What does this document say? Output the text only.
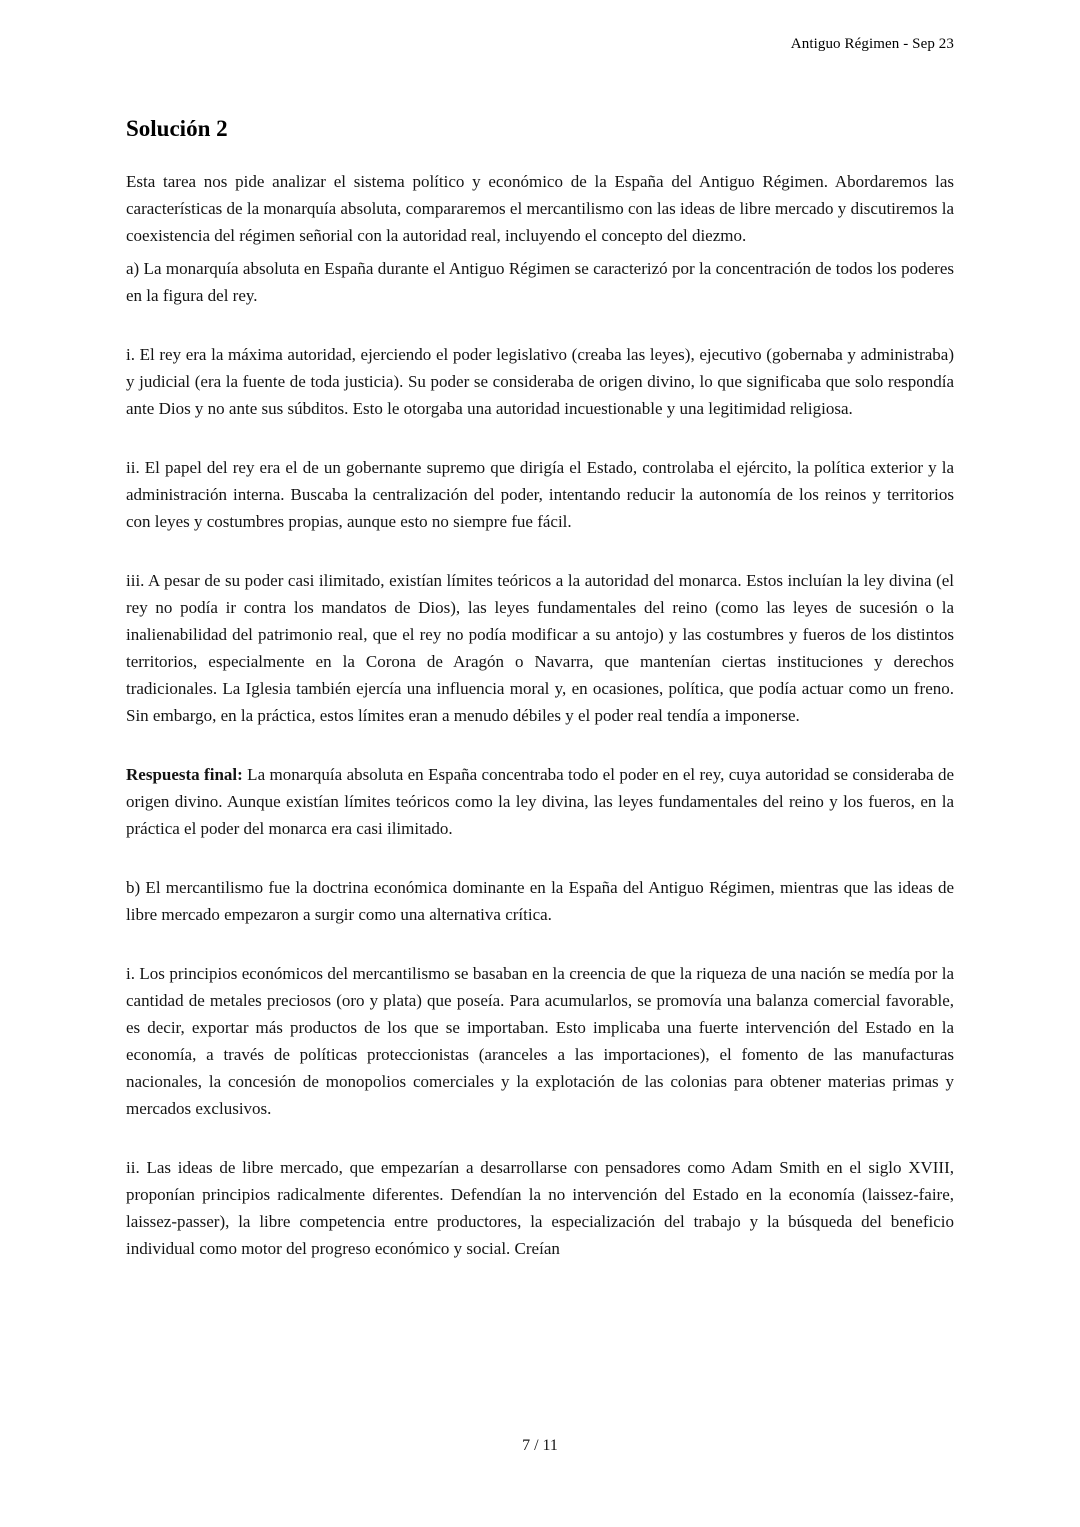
Antiguo Régimen - Sep 23
Solución 2

Esta tarea nos pide analizar el sistema político y económico de la España del Antiguo Régimen. Abordaremos las características de la monarquía absoluta, compararemos el mercantilismo con las ideas de libre mercado y discutiremos la coexistencia del régimen señorial con la autoridad real, incluyendo el concepto del diezmo.

a) La monarquía absoluta en España durante el Antiguo Régimen se caracterizó por la concentración de todos los poderes en la figura del rey.

i. El rey era la máxima autoridad, ejerciendo el poder legislativo (creaba las leyes), ejecutivo (gobernaba y administraba) y judicial (era la fuente de toda justicia). Su poder se consideraba de origen divino, lo que significaba que solo respondía ante Dios y no ante sus súbditos. Esto le otorgaba una autoridad incuestionable y una legitimidad religiosa.

ii. El papel del rey era el de un gobernante supremo que dirigía el Estado, controlaba el ejército, la política exterior y la administración interna. Buscaba la centralización del poder, intentando reducir la autonomía de los reinos y territorios con leyes y costumbres propias, aunque esto no siempre fue fácil.

iii. A pesar de su poder casi ilimitado, existían límites teóricos a la autoridad del monarca. Estos incluían la ley divina (el rey no podía ir contra los mandatos de Dios), las leyes fundamentales del reino (como las leyes de sucesión o la inalienabilidad del patrimonio real, que el rey no podía modificar a su antojo) y las costumbres y fueros de los distintos territorios, especialmente en la Corona de Aragón o Navarra, que mantenían ciertas instituciones y derechos tradicionales. La Iglesia también ejercía una influencia moral y, en ocasiones, política, que podía actuar como un freno. Sin embargo, en la práctica, estos límites eran a menudo débiles y el poder real tendía a imponerse.

Respuesta final: La monarquía absoluta en España concentraba todo el poder en el rey, cuya autoridad se consideraba de origen divino. Aunque existían límites teóricos como la ley divina, las leyes fundamentales del reino y los fueros, en la práctica el poder del monarca era casi ilimitado.

b) El mercantilismo fue la doctrina económica dominante en la España del Antiguo Régimen, mientras que las ideas de libre mercado empezaron a surgir como una alternativa crítica.

i. Los principios económicos del mercantilismo se basaban en la creencia de que la riqueza de una nación se medía por la cantidad de metales preciosos (oro y plata) que poseía. Para acumularlos, se promovía una balanza comercial favorable, es decir, exportar más productos de los que se importaban. Esto implicaba una fuerte intervención del Estado en la economía, a través de políticas proteccionistas (aranceles a las importaciones), el fomento de las manufacturas nacionales, la concesión de monopolios comerciales y la explotación de las colonias para obtener materias primas y mercados exclusivos.

ii. Las ideas de libre mercado, que empezarían a desarrollarse con pensadores como Adam Smith en el siglo XVIII, proponían principios radicalmente diferentes. Defendían la no intervención del Estado en la economía (laissez-faire, laissez-passer), la libre competencia entre productores, la especialización del trabajo y la búsqueda del beneficio individual como motor del progreso económico y social. Creían

7 / 11
